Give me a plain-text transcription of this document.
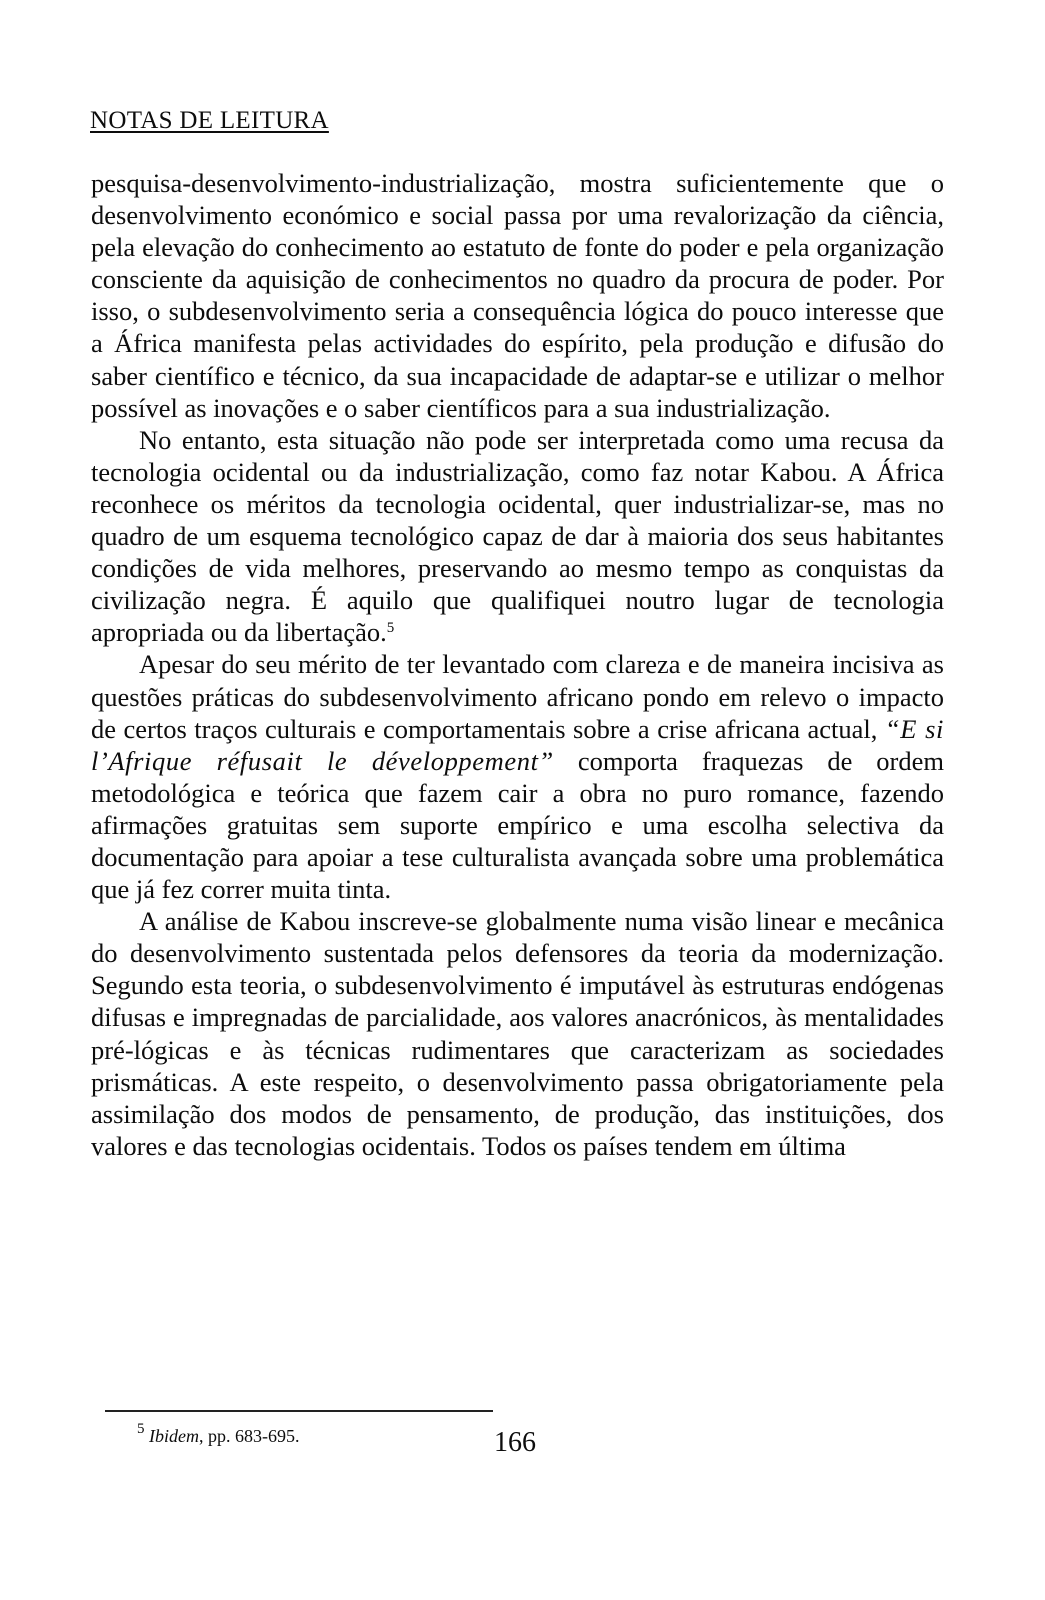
NOTAS DE LEITURA

pesquisa-desenvolvimento-industrialização, mostra suficientemente que o desenvolvimento económico e social passa por uma revalorização da ciência, pela elevação do conhecimento ao estatuto de fonte do poder e pela organização consciente da aquisição de conhecimentos no quadro da procura de poder. Por isso, o subdesenvolvimento seria a consequência lógica do pouco interesse que a África manifesta pelas actividades do espírito, pela produção e difusão do saber científico e técnico, da sua incapacidade de adaptar-se e utilizar o melhor possível as inovações e o saber científicos para a sua industrialização.

No entanto, esta situação não pode ser interpretada como uma recusa da tecnologia ocidental ou da industrialização, como faz notar Kabou. A África reconhece os méritos da tecnologia ocidental, quer industrializar-se, mas no quadro de um esquema tecnológico capaz de dar à maioria dos seus habitantes condições de vida melhores, preservando ao mesmo tempo as conquistas da civilização negra. É aquilo que qualifiquei noutro lugar de tecnologia apropriada ou da libertação.$^5$

Apesar do seu mérito de ter levantado com clareza e de maneira incisiva as questões práticas do subdesenvolvimento africano pondo em relevo o impacto de certos traços culturais e comportamentais sobre a crise africana actual, “E si l’Afrique réfusait le développement” comporta fraquezas de ordem metodológica e teórica que fazem cair a obra no puro romance, fazendo afirmações gratuitas sem suporte empírico e uma escolha selectiva da documentação para apoiar a tese culturalista avançada sobre uma problemática que já fez correr muita tinta.

A análise de Kabou inscreve-se globalmente numa visão linear e mecânica do desenvolvimento sustentada pelos defensores da teoria da modernização. Segundo esta teoria, o subdesenvolvimento é imputável às estruturas endógenas difusas e impregnadas de parcialidade, aos valores anacrónicos, às mentalidades pré-lógicas e às técnicas rudimentares que caracterizam as sociedades prismáticas. A este respeito, o desenvolvimento passa obrigatoriamente pela assimilação dos modos de pensamento, de produção, das instituições, dos valores e das tecnologias ocidentais. Todos os países tendem em última

$^5$ Ibidem, pp. 683-695.	166
